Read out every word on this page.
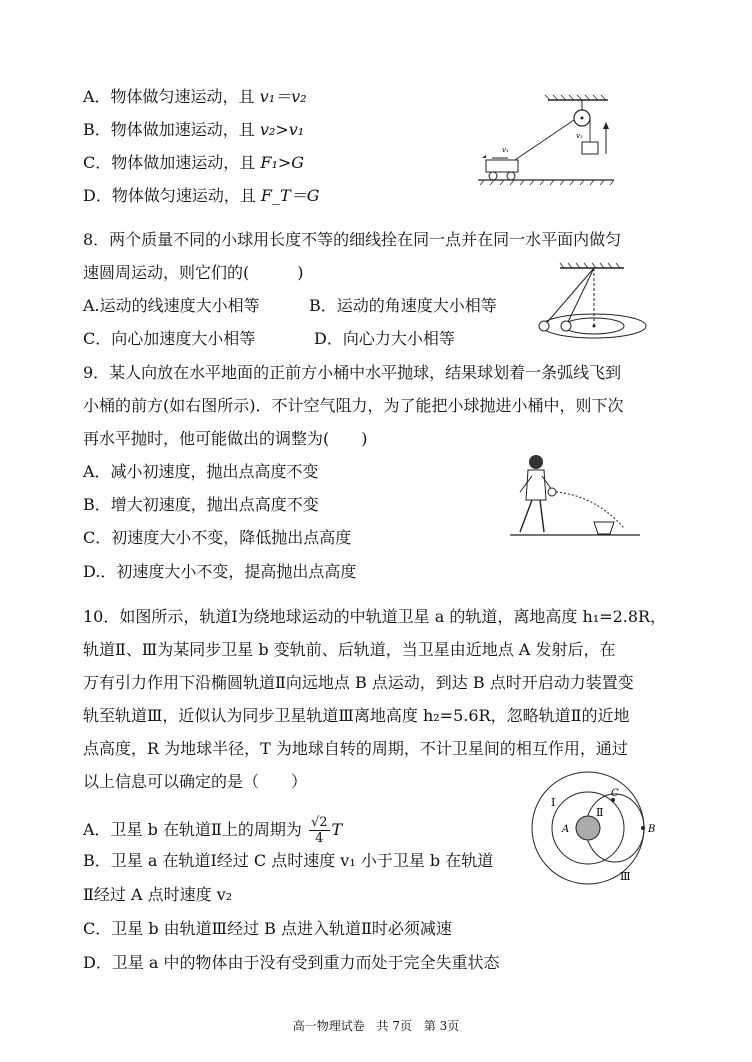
A．物体做匀速运动，且 v₁＝v₂
B．物体做加速运动，且 v₂>v₁
C．物体做加速运动，且 F₁>G
D．物体做匀速运动，且 F_T＝G
v₂
v₁
8．两个质量不同的小球用长度不等的细线拴在同一点并在同一水平面内做匀
速圆周运动，则它们的(　　　)
A.运动的线速度大小相等	B．运动的角速度大小相等
C．向心加速度大小相等	D．向心力大小相等
9．某人向放在水平地面的正前方小桶中水平抛球，结果球划着一条弧线飞到
小桶的前方(如右图所示)．不计空气阻力，为了能把小球抛进小桶中，则下次
再水平抛时，他可能做出的调整为(　　)
A．减小初速度，抛出点高度不变
B．增大初速度，抛出点高度不变
C．初速度大小不变，降低抛出点高度
D.．初速度大小不变，提高抛出点高度
10．如图所示，轨道Ⅰ为绕地球运动的中轨道卫星 a 的轨道，离地高度 h₁=2.8R，
轨道Ⅱ、Ⅲ为某同步卫星 b 变轨前、后轨道，当卫星由近地点 A 发射后，在
万有引力作用下沿椭圆轨道Ⅱ向远地点 B 点运动，到达 B 点时开启动力装置变
轨至轨道Ⅲ，近似认为同步卫星轨道Ⅲ离地高度 h₂=5.6R，忽略轨道Ⅱ的近地
点高度，R 为地球半径，T 为地球自转的周期，不计卫星间的相互作用，通过
以上信息可以确定的是（　　）
A．卫星 b 在轨道Ⅱ上的周期为 $\frac{√2}{4}$ T
B．卫星 a 在轨道Ⅰ经过 C 点时速度 v₁ 小于卫星 b 在轨道
Ⅱ经过 A 点时速度 v₂
C．卫星 b 由轨道Ⅲ经过 B 点进入轨道Ⅱ时必须减速
D．卫星 a 中的物体由于没有受到重力而处于完全失重状态
Ⅰ
Ⅱ
Ⅲ
A	B
C
高一物理试卷 共 7页 第 3页
